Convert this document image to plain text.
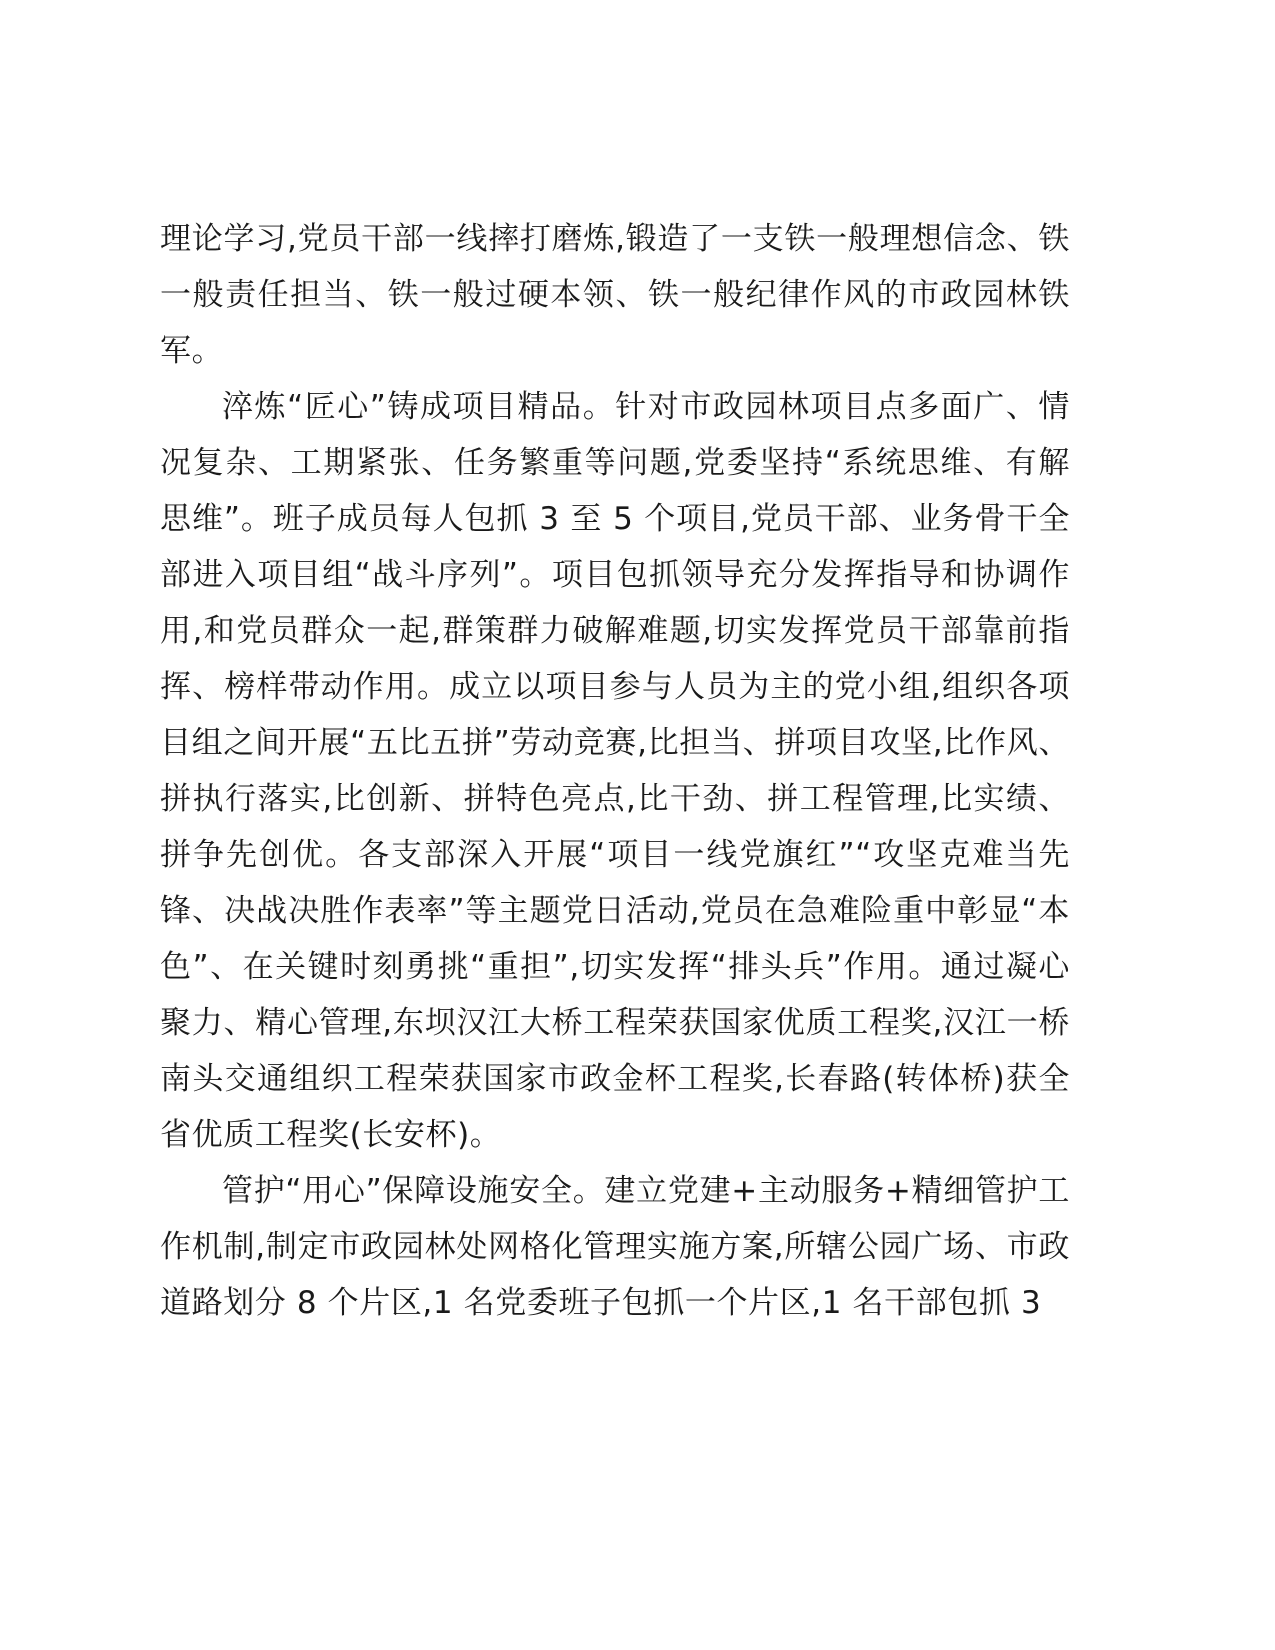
理论学习,党员干部一线摔打磨炼,锻造了一支铁一般理想信念、铁一般责任担当、铁一般过硬本领、铁一般纪律作风的市政园林铁军。

淬炼“匠心”铸成项目精品。针对市政园林项目点多面广、情况复杂、工期紧张、任务繁重等问题,党委坚持“系统思维、有解思维”。班子成员每人包抓 3 至 5 个项目,党员干部、业务骨干全部进入项目组“战斗序列”。项目包抓领导充分发挥指导和协调作用,和党员群众一起,群策群力破解难题,切实发挥党员干部靠前指挥、榜样带动作用。成立以项目参与人员为主的党小组,组织各项目组之间开展“五比五拼”劳动竞赛,比担当、拼项目攻坚,比作风、拼执行落实,比创新、拼特色亮点,比干劲、拼工程管理,比实绩、拼争先创优。各支部深入开展“项目一线党旗红”“攻坚克难当先锋、决战决胜作表率”等主题党日活动,党员在急难险重中彰显“本色”、在关键时刻勇挑“重担”,切实发挥“排头兵”作用。通过凝心聚力、精心管理,东坝汉江大桥工程荣获国家优质工程奖,汉江一桥南头交通组织工程荣获国家市政金杯工程奖,长春路(转体桥)获全省优质工程奖(长安杯)。

管护“用心”保障设施安全。建立党建+主动服务+精细管护工作机制,制定市政园林处网格化管理实施方案,所辖公园广场、市政道路划分 8 个片区,1 名党委班子包抓一个片区,1 名干部包抓 3
